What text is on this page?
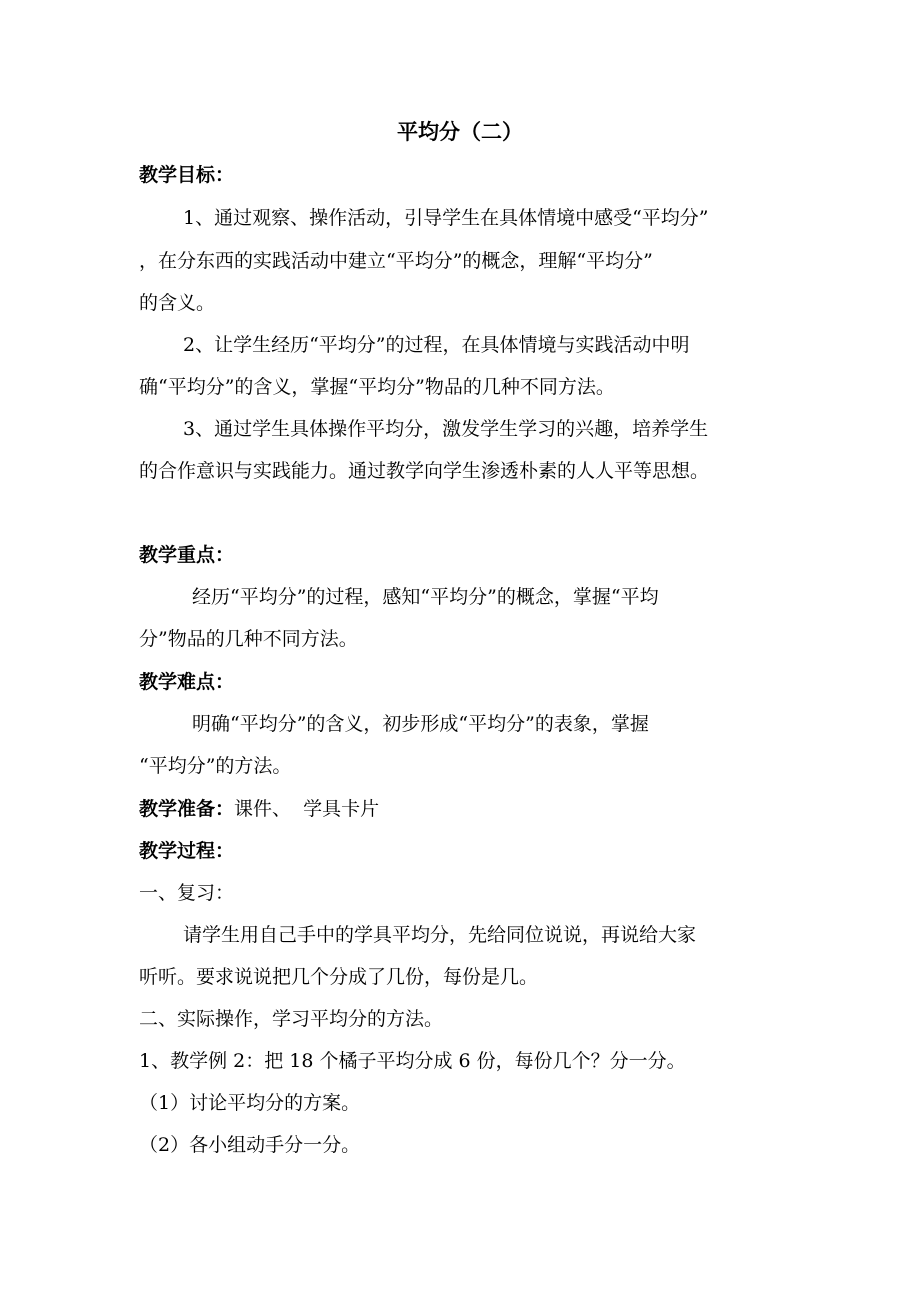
平均分（二）

教学目标：

1、通过观察、操作活动，引导学生在具体情境中感受“平均分”

，在分东西的实践活动中建立“平均分”的概念，理解“平均分”

的含义。

2、让学生经历“平均分”的过程，在具体情境与实践活动中明

确“平均分”的含义，掌握“平均分”物品的几种不同方法。

3、通过学生具体操作平均分，激发学生学习的兴趣，培养学生

的合作意识与实践能力。通过教学向学生渗透朴素的人人平等思想。

教学重点：

经历“平均分”的过程，感知“平均分”的概念，掌握“平均

分”物品的几种不同方法。

教学难点：

明确“平均分”的含义，初步形成“平均分”的表象，掌握

“平均分”的方法。

教学准备：课件、  学具卡片

教学过程：

一、复习：

请学生用自己手中的学具平均分，先给同位说说，再说给大家

听听。要求说说把几个分成了几份，每份是几。

二、实际操作，学习平均分的方法。

1、教学例 2：把 18 个橘子平均分成 6 份，每份几个？分一分。

（1）讨论平均分的方案。

（2）各小组动手分一分。
